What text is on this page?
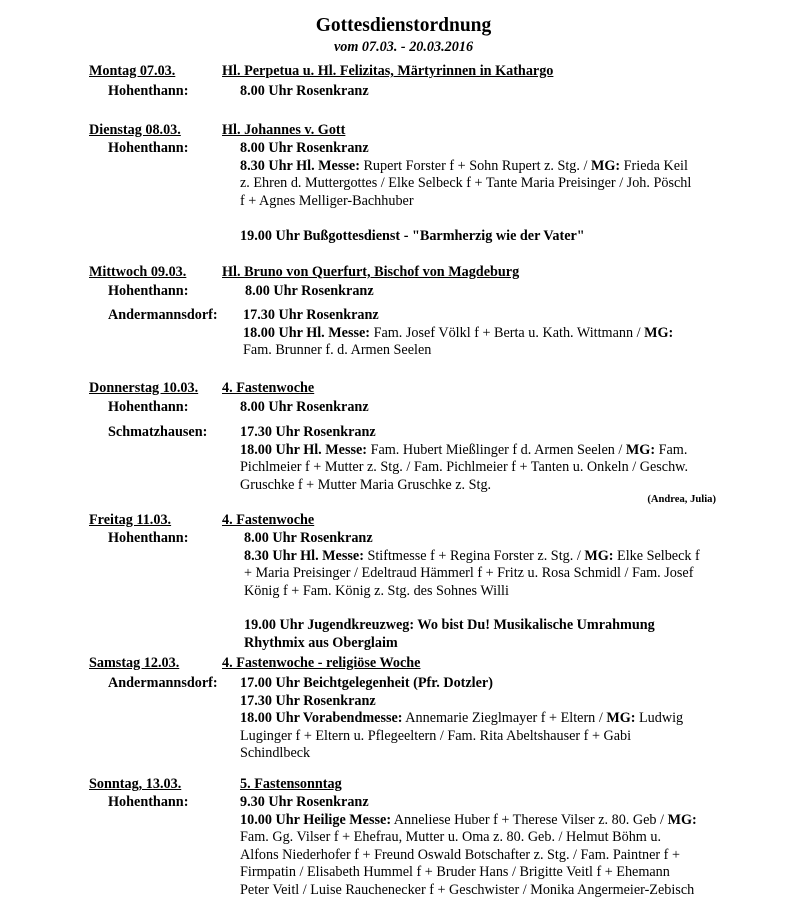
Gottesdienstordnung
vom 07.03. - 20.03.2016
Montag 07.03.	Hl. Perpetua u. Hl. Felizitas, Märtyrinnen in Kathargo
Hohenthann:	8.00 Uhr Rosenkranz
Dienstag 08.03.	Hl. Johannes v. Gott
Hohenthann:	8.00 Uhr Rosenkranz
8.30 Uhr Hl. Messe: Rupert Forster f + Sohn Rupert z. Stg. / MG: Frieda Keil
z. Ehren d. Muttergottes / Elke Selbeck f + Tante Maria Preisinger / Joh. Pöschl
f + Agnes Melliger-Bachhuber
19.00 Uhr Bußgottesdienst - "Barmherzig wie der Vater"
Mittwoch 09.03.	Hl. Bruno von Querfurt, Bischof von Magdeburg
Hohenthann:	8.00 Uhr Rosenkranz
Andermannsdorf: 17.30 Uhr Rosenkranz
18.00 Uhr Hl. Messe: Fam. Josef Völkl f + Berta u. Kath. Wittmann / MG:
Fam. Brunner f. d. Armen Seelen
Donnerstag 10.03. 4. Fastenwoche
Hohenthann:	8.00 Uhr Rosenkranz
Schmatzhausen: 17.30 Uhr Rosenkranz
18.00 Uhr Hl. Messe: Fam. Hubert Mießlinger f d. Armen Seelen / MG: Fam.
Pichlmeier f + Mutter z. Stg. / Fam. Pichlmeier f + Tanten u. Onkeln / Geschw.
Gruschke f + Mutter Maria Gruschke z. Stg.
(Andrea, Julia)
Freitag 11.03.	4. Fastenwoche
Hohenthann:	8.00 Uhr Rosenkranz
8.30 Uhr Hl. Messe: Stiftmesse f + Regina Forster z. Stg. / MG: Elke Selbeck f
+ Maria Preisinger / Edeltraud Hämmerl f + Fritz u. Rosa Schmidl / Fam. Josef
König f + Fam. König z. Stg. des Sohnes Willi
19.00 Uhr Jugendkreuzweg: Wo bist Du! Musikalische Umrahmung
Rhythmix aus Oberglaim
Samstag 12.03.	4. Fastenwoche - religiöse Woche
Andermannsdorf: 17.00 Uhr Beichtgelegenheit (Pfr. Dotzler)
17.30 Uhr Rosenkranz
18.00 Uhr Vorabendmesse: Annemarie Zieglmayer f + Eltern / MG: Ludwig
Luginger f + Eltern u. Pflegeeltern / Fam. Rita Abeltshauser f + Gabi
Schindlbeck
Sonntag, 13.03.	5. Fastensonntag
Hohenthann:	9.30 Uhr Rosenkranz
10.00 Uhr Heilige Messe: Anneliese Huber f + Therese Vilser z. 80. Geb / MG:
Fam. Gg. Vilser f + Ehefrau, Mutter u. Oma z. 80. Geb. / Helmut Böhm u.
Alfons Niederhofer f + Freund Oswald Botschafter z. Stg. / Fam. Paintner f +
Firmpatin / Elisabeth Hummel f + Bruder Hans / Brigitte Veitl f + Ehemann
Peter Veitl / Luise Rauchenecker f + Geschwister / Monika Angermeier-Zebisch
